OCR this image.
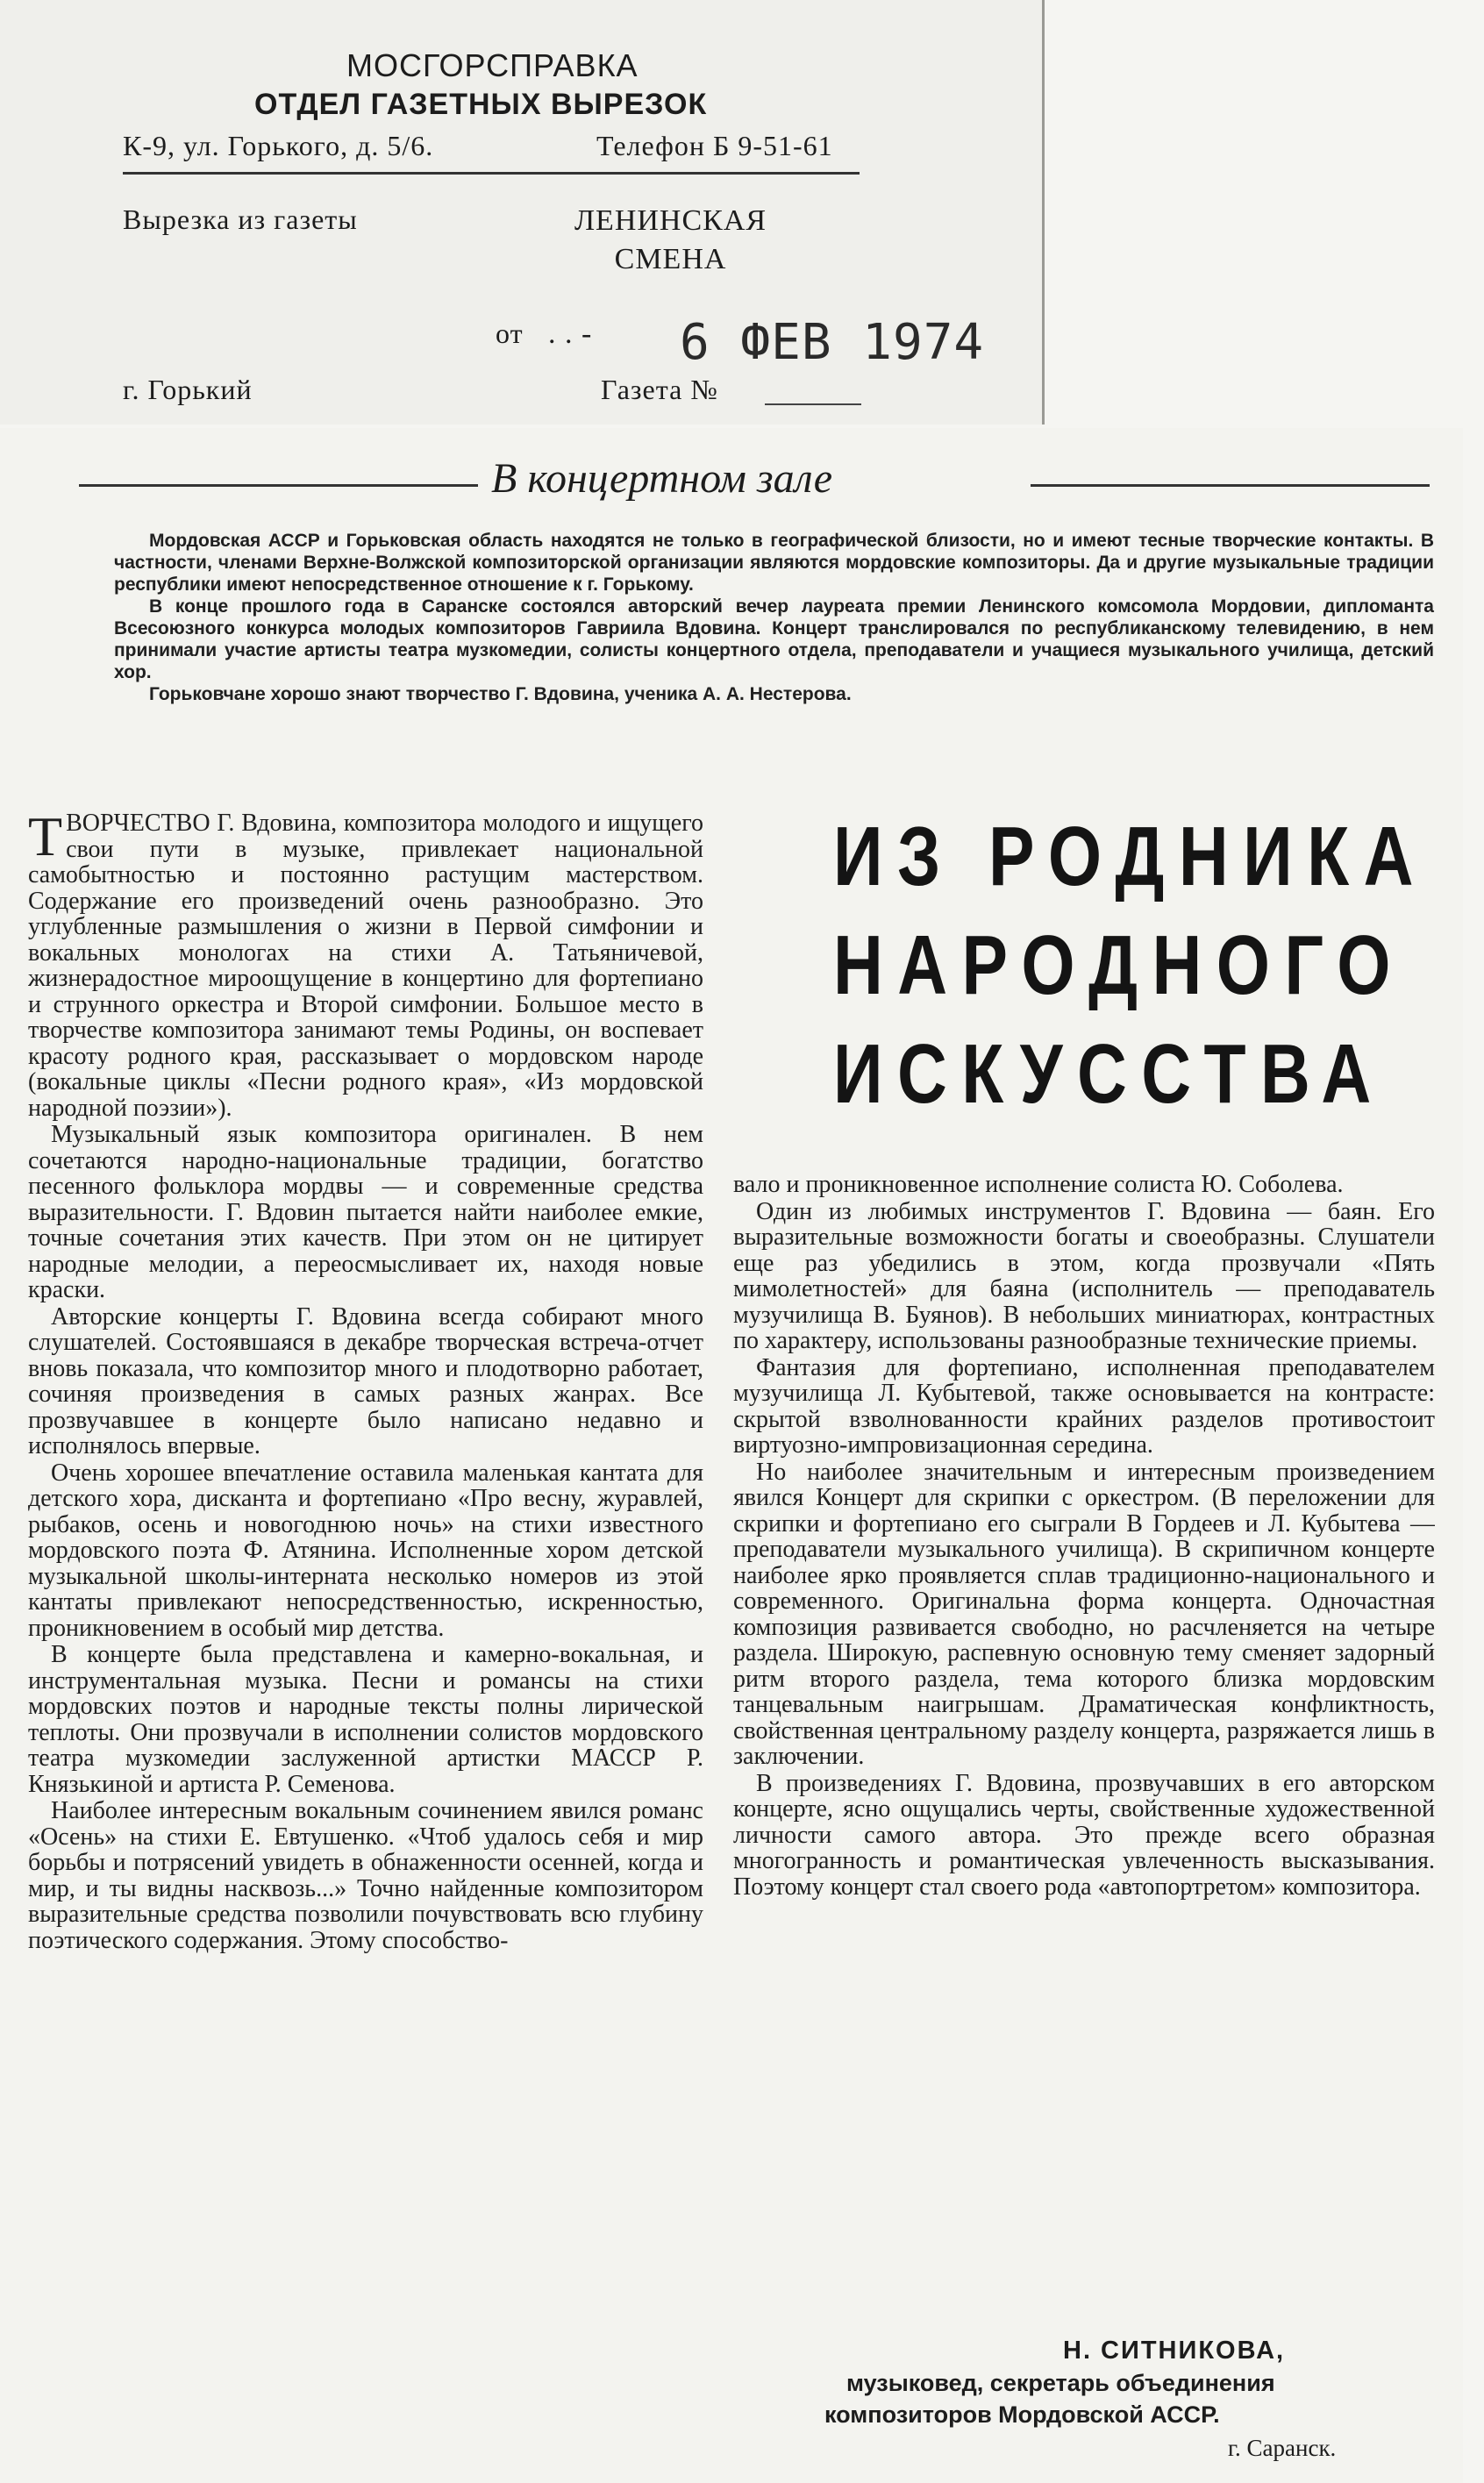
МОСГОРСПРАВКА
ОТДЕЛ ГАЗЕТНЫХ ВЫРЕЗОК
К-9, ул. Горького, д. 5/6.	Телефон Б 9-51-61
Вырезка из газеты	ЛЕНИНСКАЯ
СМЕНА
от . . - 6 ФЕВ 1974
г. Горький	Газета №
В концертном зале

Мордовская АССР и Горьковская область находятся не только в географической близости, но и имеют тесные творческие контакты. В частности, членами Верхне-Волжской композиторской организации являются мордовские композиторы. Да и другие музыкальные традиции республики имеют непосредственное отношение к г. Горькому.

В конце прошлого года в Саранске состоялся авторский вечер лауреата премии Ленинского комсомола Мордовии, дипломанта Всесоюзного конкурса молодых композиторов Гавриила Вдовина. Концерт транслировался по республиканскому телевидению, в нем принимали участие артисты театра музкомедии, солисты концертного отдела, преподаватели и учащиеся музыкального училища, детский хор.

Горьковчане хорошо знают творчество Г. Вдовина, ученика А. А. Нестерова.

ИЗ РОДНИКА
НАРОДНОГО
ИСКУССТВА

ТВОРЧЕСТВО Г. Вдовина, композитора молодого и ищущего свои пути в музыке, привлекает национальной самобытностью и постоянно растущим мастерством. Содержание его произведений очень разнообразно. Это углубленные размышления о жизни в Первой симфонии и вокальных монологах на стихи А. Татьяничевой, жизнерадостное мироощущение в концертино для фортепиано и струнного оркестра и Второй симфонии. Большое место в творчестве композитора занимают темы Родины, он воспевает красоту родного края, рассказывает о мордовском народе (вокальные циклы «Песни родного края», «Из мордовской народной поэзии»).

Музыкальный язык композитора оригинален. В нем сочетаются народно-национальные традиции, богатство песенного фольклора мордвы — и современные средства выразительности. Г. Вдовин пытается найти наиболее емкие, точные сочетания этих качеств. При этом он не цитирует народные мелодии, а переосмысливает их, находя новые краски.

Авторские концерты Г. Вдовина всегда собирают много слушателей. Состоявшаяся в декабре творческая встреча-отчет вновь показала, что композитор много и плодотворно работает, сочиняя произведения в самых разных жанрах. Все прозвучавшее в концерте было написано недавно и исполнялось впервые.

Очень хорошее впечатление оставила маленькая кантата для детского хора, дисканта и фортепиано «Про весну, журавлей, рыбаков, осень и новогоднюю ночь» на стихи известного мордовского поэта Ф. Атянина. Исполненные хором детской музыкальной школы-интерната несколько номеров из этой кантаты привлекают непосредственностью, искренностью, проникновением в особый мир детства.

В концерте была представлена и камерно-вокальная, и инструментальная музыка. Песни и романсы на стихи мордовских поэтов и народные тексты полны лирической теплоты. Они прозвучали в исполнении солистов мордовского театра музкомедии заслуженной артистки МАССР Р. Князькиной и артиста Р. Семенова.

Наиболее интересным вокальным сочинением явился романс «Осень» на стихи Е. Евтушенко. «Чтоб удалось себя и мир борьбы и потрясений увидеть в обнаженности осенней, когда и мир, и ты видны насквозь...» Точно найденные композитором выразительные средства позволили почувствовать всю глубину поэтического содержания. Этому способство-

вало и проникновенное исполнение солиста Ю. Соболева.

Один из любимых инструментов Г. Вдовина — баян. Его выразительные возможности богаты и своеобразны. Слушатели еще раз убедились в этом, когда прозвучали «Пять мимолетностей» для баяна (исполнитель — преподаватель музучилища В. Буянов). В небольших миниатюрах, контрастных по характеру, использованы разнообразные технические приемы.

Фантазия для фортепиано, исполненная преподавателем музучилища Л. Кубытевой, также основывается на контрасте: скрытой взволнованности крайних разделов противостоит виртуозно-импровизационная середина.

Но наиболее значительным и интересным произведением явился Концерт для скрипки с оркестром. (В переложении для скрипки и фортепиано его сыграли В Гордеев и Л. Кубытева — преподаватели музыкального училища). В скрипичном концерте наиболее ярко проявляется сплав традиционно-национального и современного. Оригинальна форма концерта. Одночастная композиция развивается свободно, но расчленяется на четыре раздела. Широкую, распевную основную тему сменяет задорный ритм второго раздела, тема которого близка мордовским танцевальным наигрышам. Драматическая конфликтность, свойственная центральному разделу концерта, разряжается лишь в заключении.

В произведениях Г. Вдовина, прозвучавших в его авторском концерте, ясно ощущались черты, свойственные художественной личности самого автора. Это прежде всего образная многогранность и романтическая увлеченность высказывания. Поэтому концерт стал своего рода «автопортретом» композитора.

Н. СИТНИКОВА,
музыковед, секретарь объединения
композиторов Мордовской АССР.
г. Саранск.
